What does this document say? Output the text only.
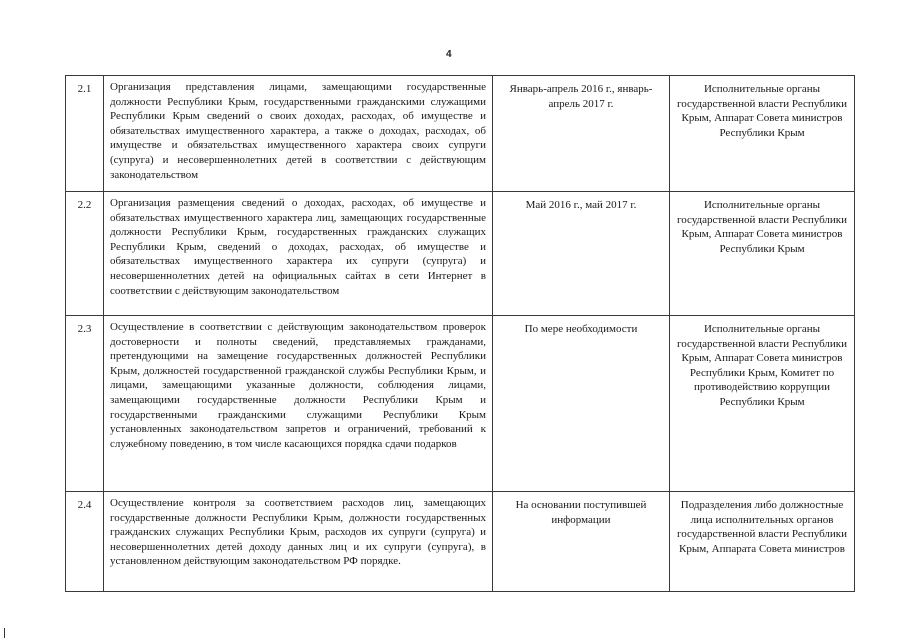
4
2.1	Организация представления лицами, замещающими государственные должности Республики Крым, государственными гражданскими служащими Республики Крым сведений о своих доходах, расходах, об имуществе и обязательствах имущественного характера, а также о доходах, расходах, об имуществе и обязательствах имущественного характера своих супруги (супруга) и несовершеннолетних детей в соответствии с действующим законодательством	Январь-апрель 2016 г., январь-апрель 2017 г.	Исполнительные органы государственной власти Республики Крым, Аппарат Совета министров Республики Крым
2.2	Организация размещения сведений о доходах, расходах, об имуществе и обязательствах имущественного характера лиц, замещающих государственные должности Республики Крым, государственных гражданских служащих Республики Крым, сведений о доходах, расходах, об имуществе и обязательствах имущественного характера их супруги (супруга) и несовершеннолетних детей на официальных сайтах в сети Интернет в соответствии с действующим законодательством	Май 2016 г., май 2017 г.	Исполнительные органы государственной власти Республики Крым, Аппарат Совета министров Республики Крым
2.3	Осуществление в соответствии с действующим законодательством проверок достоверности и полноты сведений, представляемых гражданами, претендующими на замещение государственных должностей Республики Крым, должностей государственной гражданской службы Республики Крым, и лицами, замещающими указанные должности, соблюдения лицами, замещающими государственные должности Республики Крым и государственными гражданскими служащими Республики Крым установленных законодательством запретов и ограничений, требований к служебному поведению, в том числе касающихся порядка сдачи подарков	По мере необходимости	Исполнительные органы государственной власти Республики Крым, Аппарат Совета министров Республики Крым, Комитет по противодействию коррупции Республики Крым
2.4	Осуществление контроля за соответствием расходов лиц, замещающих государственные должности Республики Крым, должности государственных гражданских служащих Республики Крым, расходов их супруги (супруга) и несовершеннолетних детей доходу данных лиц и их супруги (супруга), в установленном действующим законодательством РФ порядке.	На основании поступившей информации	Подразделения либо должностные лица исполнительных органов государственной власти Республики Крым, Аппарата Совета министров
